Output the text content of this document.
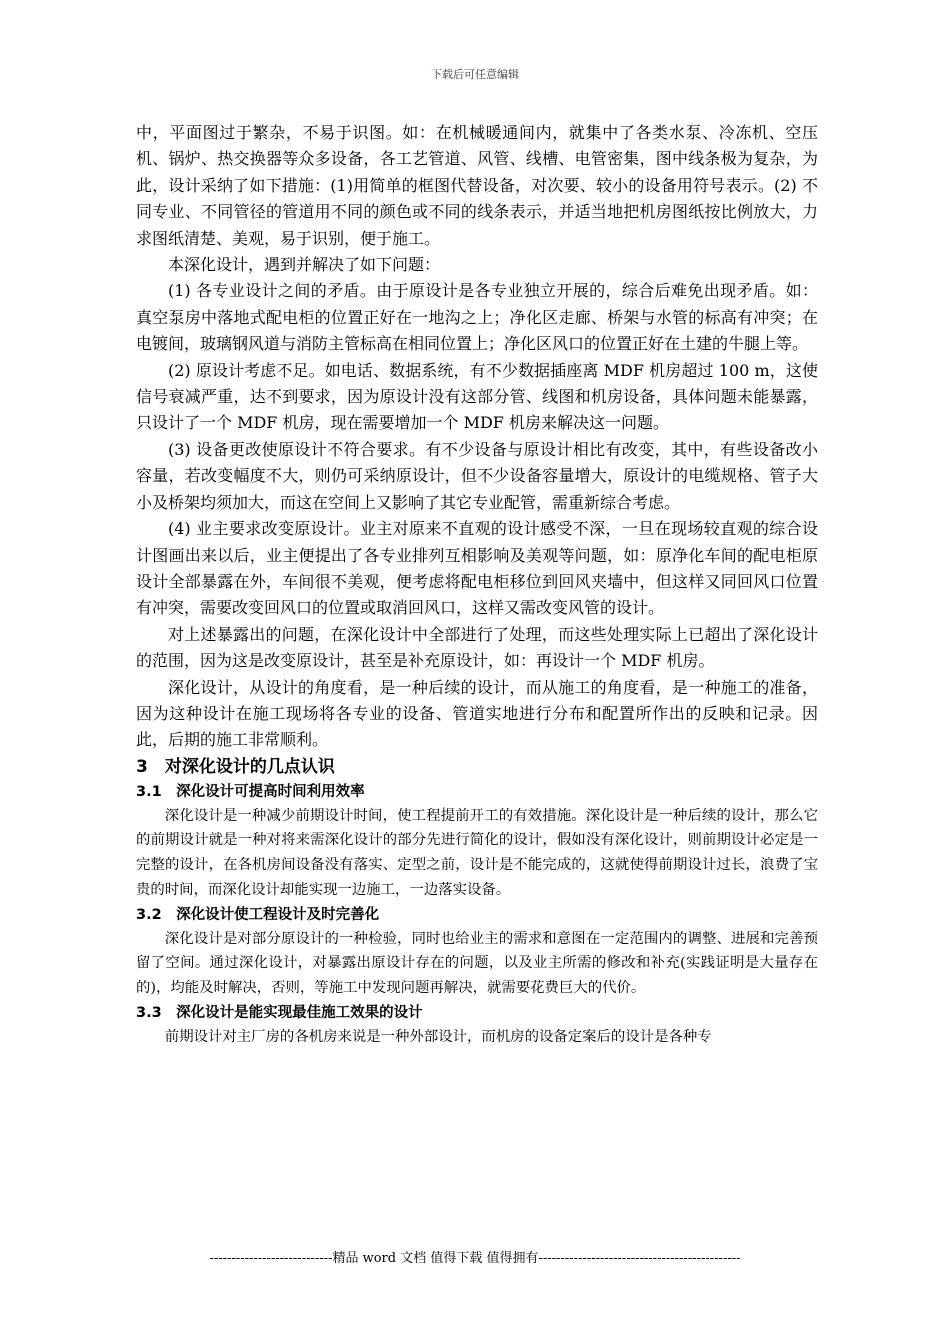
下载后可任意编辑

中，平面图过于繁杂，不易于识图。如：在机械暖通间内，就集中了各类水泵、冷冻机、空压机、锅炉、热交换器等众多设备，各工艺管道、风管、线槽、电管密集，图中线条极为复杂，为此，设计采纳了如下措施：(1)用简单的框图代替设备，对次要、较小的设备用符号表示。(2) 不同专业、不同管径的管道用不同的颜色或不同的线条表示，并适当地把机房图纸按比例放大，力求图纸清楚、美观，易于识别，便于施工。

本深化设计，遇到并解决了如下问题：

(1) 各专业设计之间的矛盾。由于原设计是各专业独立开展的，综合后难免出现矛盾。如：真空泵房中落地式配电柜的位置正好在一地沟之上；净化区走廊、桥架与水管的标高有冲突；在电镀间，玻璃钢风道与消防主管标高在相同位置上；净化区风口的位置正好在土建的牛腿上等。

(2) 原设计考虑不足。如电话、数据系统，有不少数据插座离 MDF 机房超过 100 m，这使信号衰减严重，达不到要求，因为原设计没有这部分管、线图和机房设备，具体问题未能暴露，只设计了一个 MDF 机房，现在需要增加一个 MDF 机房来解决这一问题。

(3) 设备更改使原设计不符合要求。有不少设备与原设计相比有改变，其中，有些设备改小容量，若改变幅度不大，则仍可采纳原设计，但不少设备容量增大，原设计的电缆规格、管子大小及桥架均须加大，而这在空间上又影响了其它专业配管，需重新综合考虑。

(4) 业主要求改变原设计。业主对原来不直观的设计感受不深，一旦在现场较直观的综合设计图画出来以后，业主便提出了各专业排列互相影响及美观等问题，如：原净化车间的配电柜原设计全部暴露在外，车间很不美观，便考虑将配电柜移位到回风夹墙中，但这样又同回风口位置有冲突，需要改变回风口的位置或取消回风口，这样又需改变风管的设计。

对上述暴露出的问题，在深化设计中全部进行了处理，而这些处理实际上已超出了深化设计的范围，因为这是改变原设计，甚至是补充原设计，如：再设计一个 MDF 机房。

深化设计，从设计的角度看，是一种后续的设计，而从施工的角度看，是一种施工的准备，因为这种设计在施工现场将各专业的设备、管道实地进行分布和配置所作出的反映和记录。因此，后期的施工非常顺利。

3　对深化设计的几点认识
3.1　深化设计可提高时间利用效率

深化设计是一种减少前期设计时间，使工程提前开工的有效措施。深化设计是一种后续的设计，那么它的前期设计就是一种对将来需深化设计的部分先进行简化的设计，假如没有深化设计，则前期设计必定是一完整的设计，在各机房间设备没有落实、定型之前，设计是不能完成的，这就使得前期设计过长，浪费了宝贵的时间，而深化设计却能实现一边施工，一边落实设备。

3.2　深化设计使工程设计及时完善化

深化设计是对部分原设计的一种检验，同时也给业主的需求和意图在一定范围内的调整、进展和完善预留了空间。通过深化设计，对暴露出原设计存在的问题，以及业主所需的修改和补充(实践证明是大量存在的)，均能及时解决，否则，等施工中发现问题再解决，就需要花费巨大的代价。

3.3　深化设计是能实现最佳施工效果的设计

前期设计对主厂房的各机房来说是一种外部设计，而机房的设备定案后的设计是各种专

----------------------------精品 word 文档 值得下载 值得拥有----------------------------------------------
